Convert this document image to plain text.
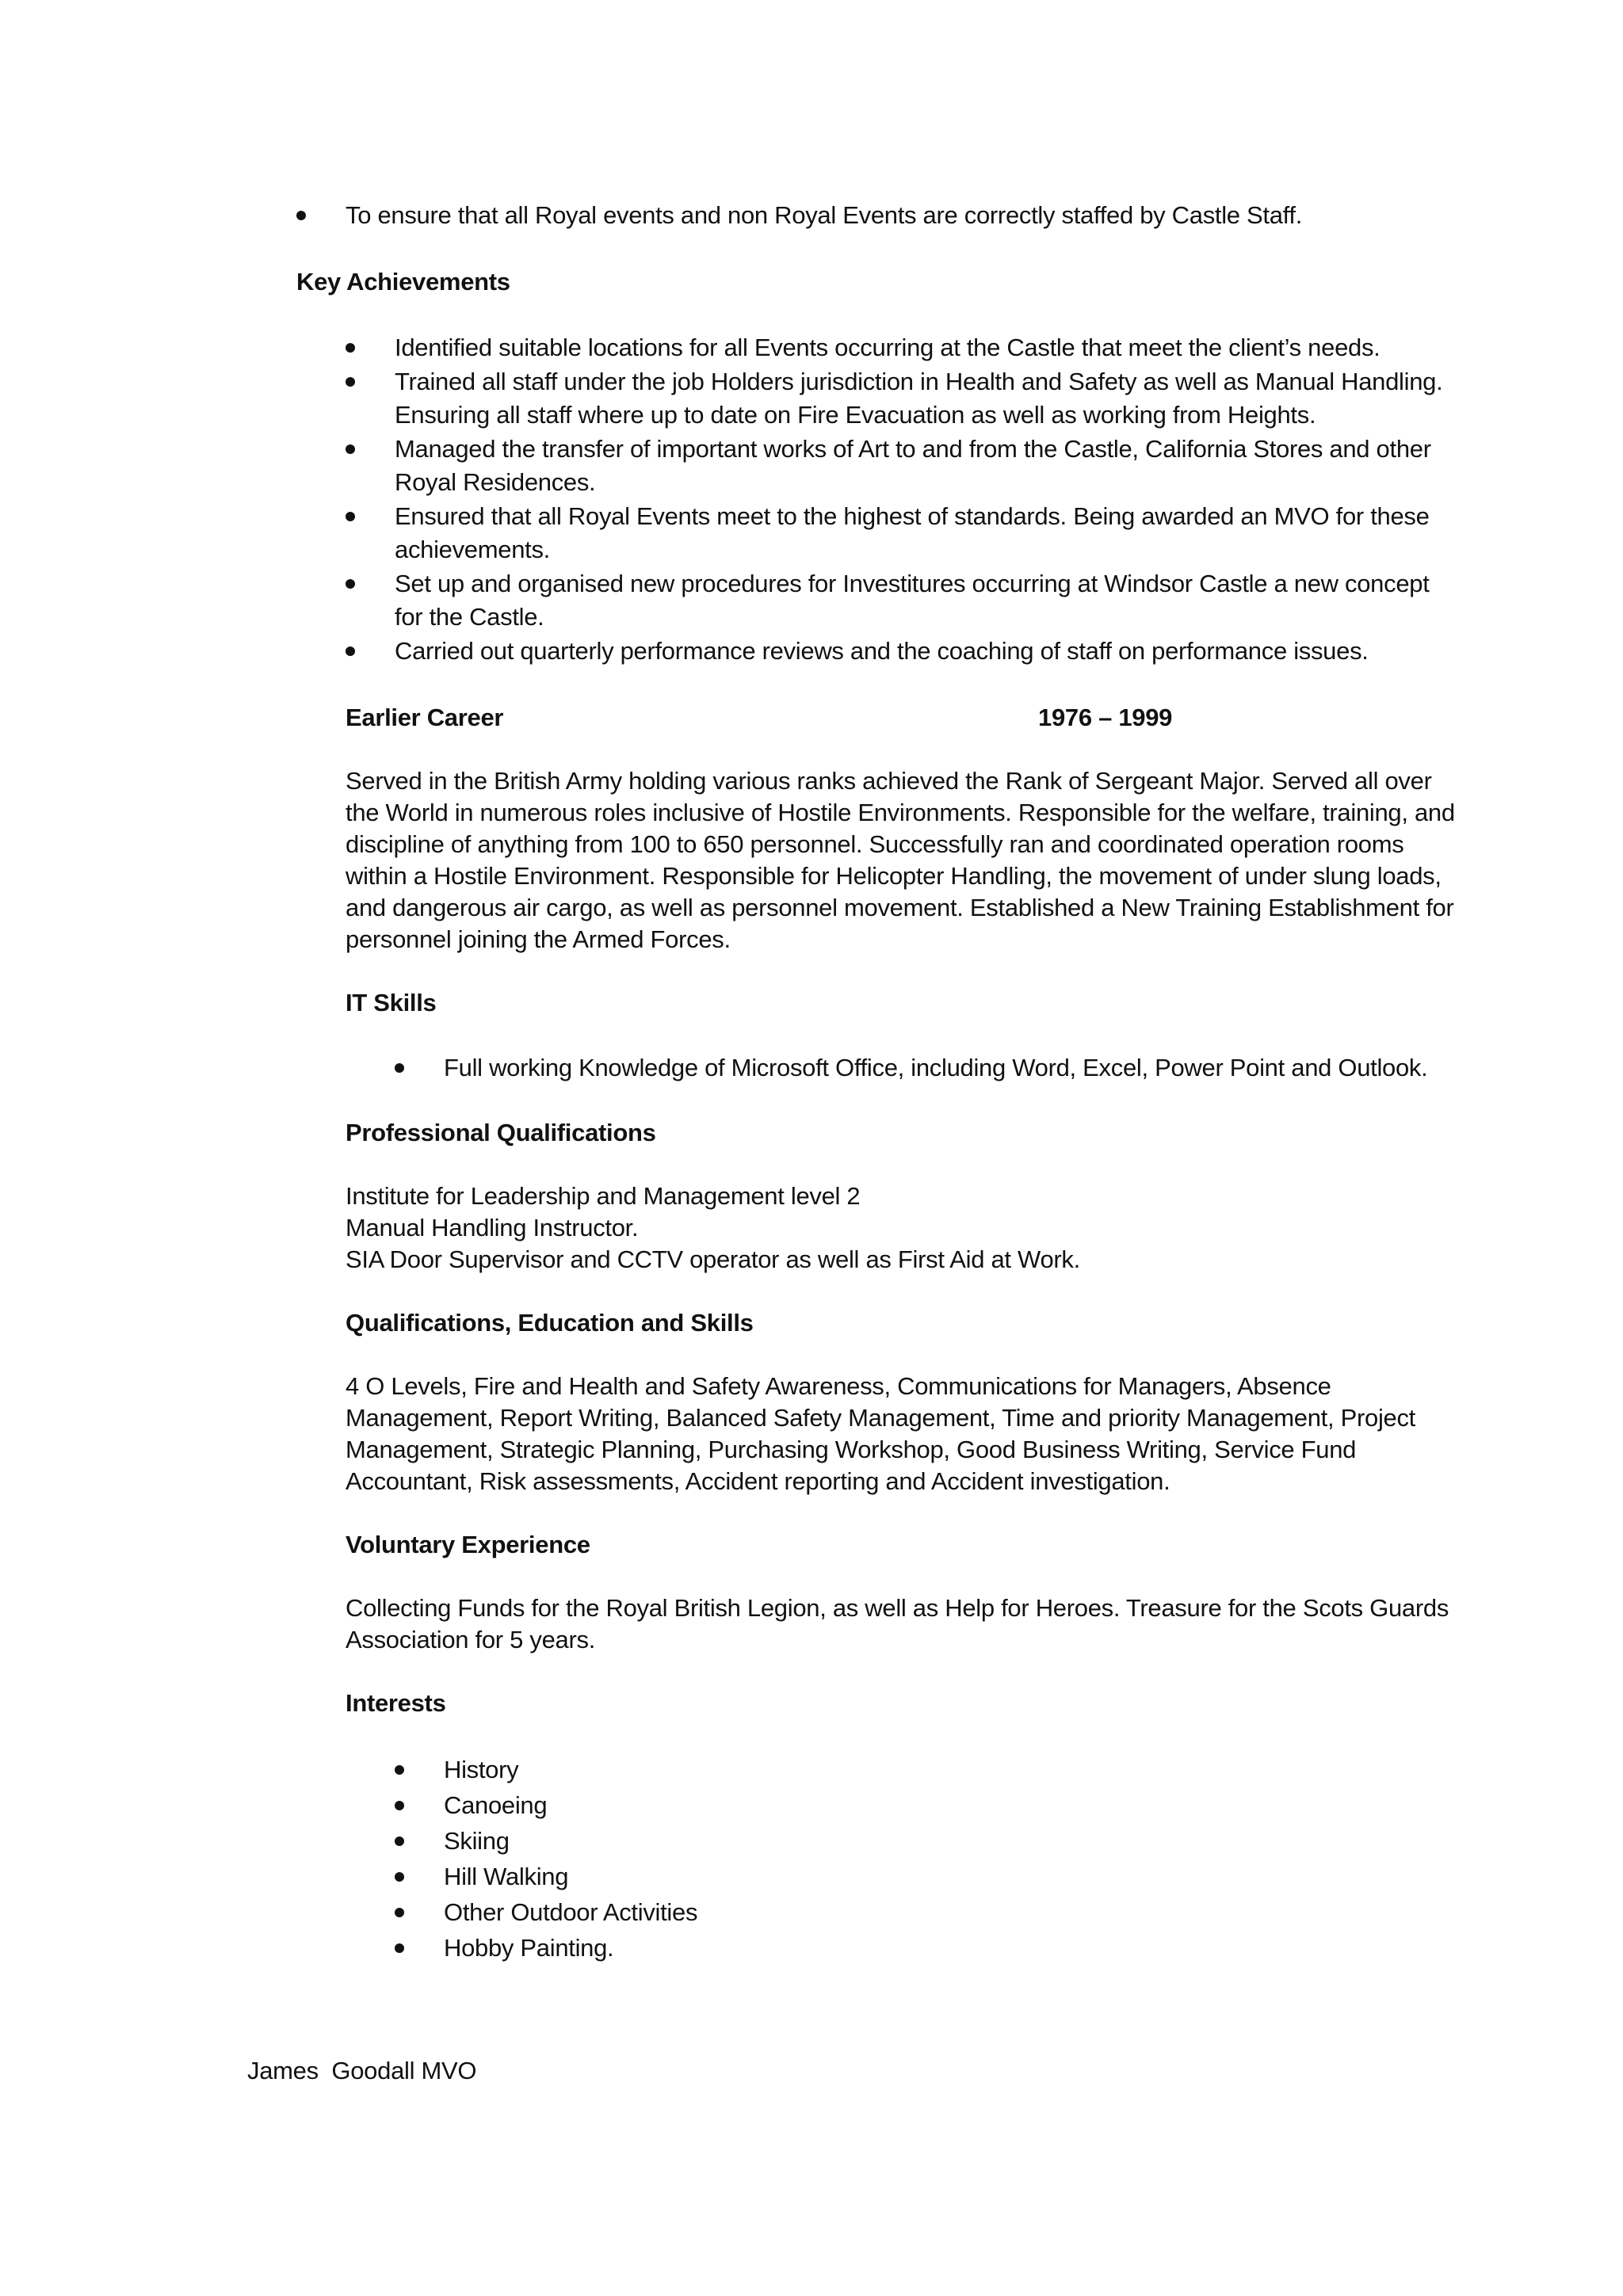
To ensure that all Royal events and non Royal Events are correctly staffed by Castle Staff.
Key Achievements
Identified suitable locations for all Events occurring at the Castle that meet the client’s needs.
Trained all staff under the job Holders jurisdiction in Health and Safety as well as Manual Handling.
Ensuring all staff where up to date on Fire Evacuation as well as working from Heights.
Managed the transfer of important works of Art to and from the Castle, California Stores and other
Royal Residences.
Ensured that all Royal Events meet to the highest of standards. Being awarded an MVO for these
achievements.
Set up and organised new procedures for Investitures occurring at Windsor Castle a new concept
for the Castle.
Carried out quarterly performance reviews and the coaching of staff on performance issues.
Earlier Career	1976 – 1999
Served in the British Army holding various ranks achieved the Rank of Sergeant Major. Served all over
the World in numerous roles inclusive of Hostile Environments. Responsible for the welfare, training, and
discipline of anything from 100 to 650 personnel. Successfully ran and coordinated operation rooms
within a Hostile Environment. Responsible for Helicopter Handling, the movement of under slung loads,
and dangerous air cargo, as well as personnel movement. Established a New Training Establishment for
personnel joining the Armed Forces.
IT Skills
Full working Knowledge of Microsoft Office, including Word, Excel, Power Point and Outlook.
Professional Qualifications
Institute for Leadership and Management level 2
Manual Handling Instructor.
SIA Door Supervisor and CCTV operator as well as First Aid at Work.
Qualifications, Education and Skills
4 O Levels, Fire and Health and Safety Awareness, Communications for Managers, Absence
Management, Report Writing, Balanced Safety Management, Time and priority Management, Project
Management, Strategic Planning, Purchasing Workshop, Good Business Writing, Service Fund
Accountant, Risk assessments, Accident reporting and Accident investigation.
Voluntary Experience
Collecting Funds for the Royal British Legion, as well as Help for Heroes. Treasure for the Scots Guards
Association for 5 years.
Interests
History
Canoeing
Skiing
Hill Walking
Other Outdoor Activities
Hobby Painting.
James  Goodall MVO
